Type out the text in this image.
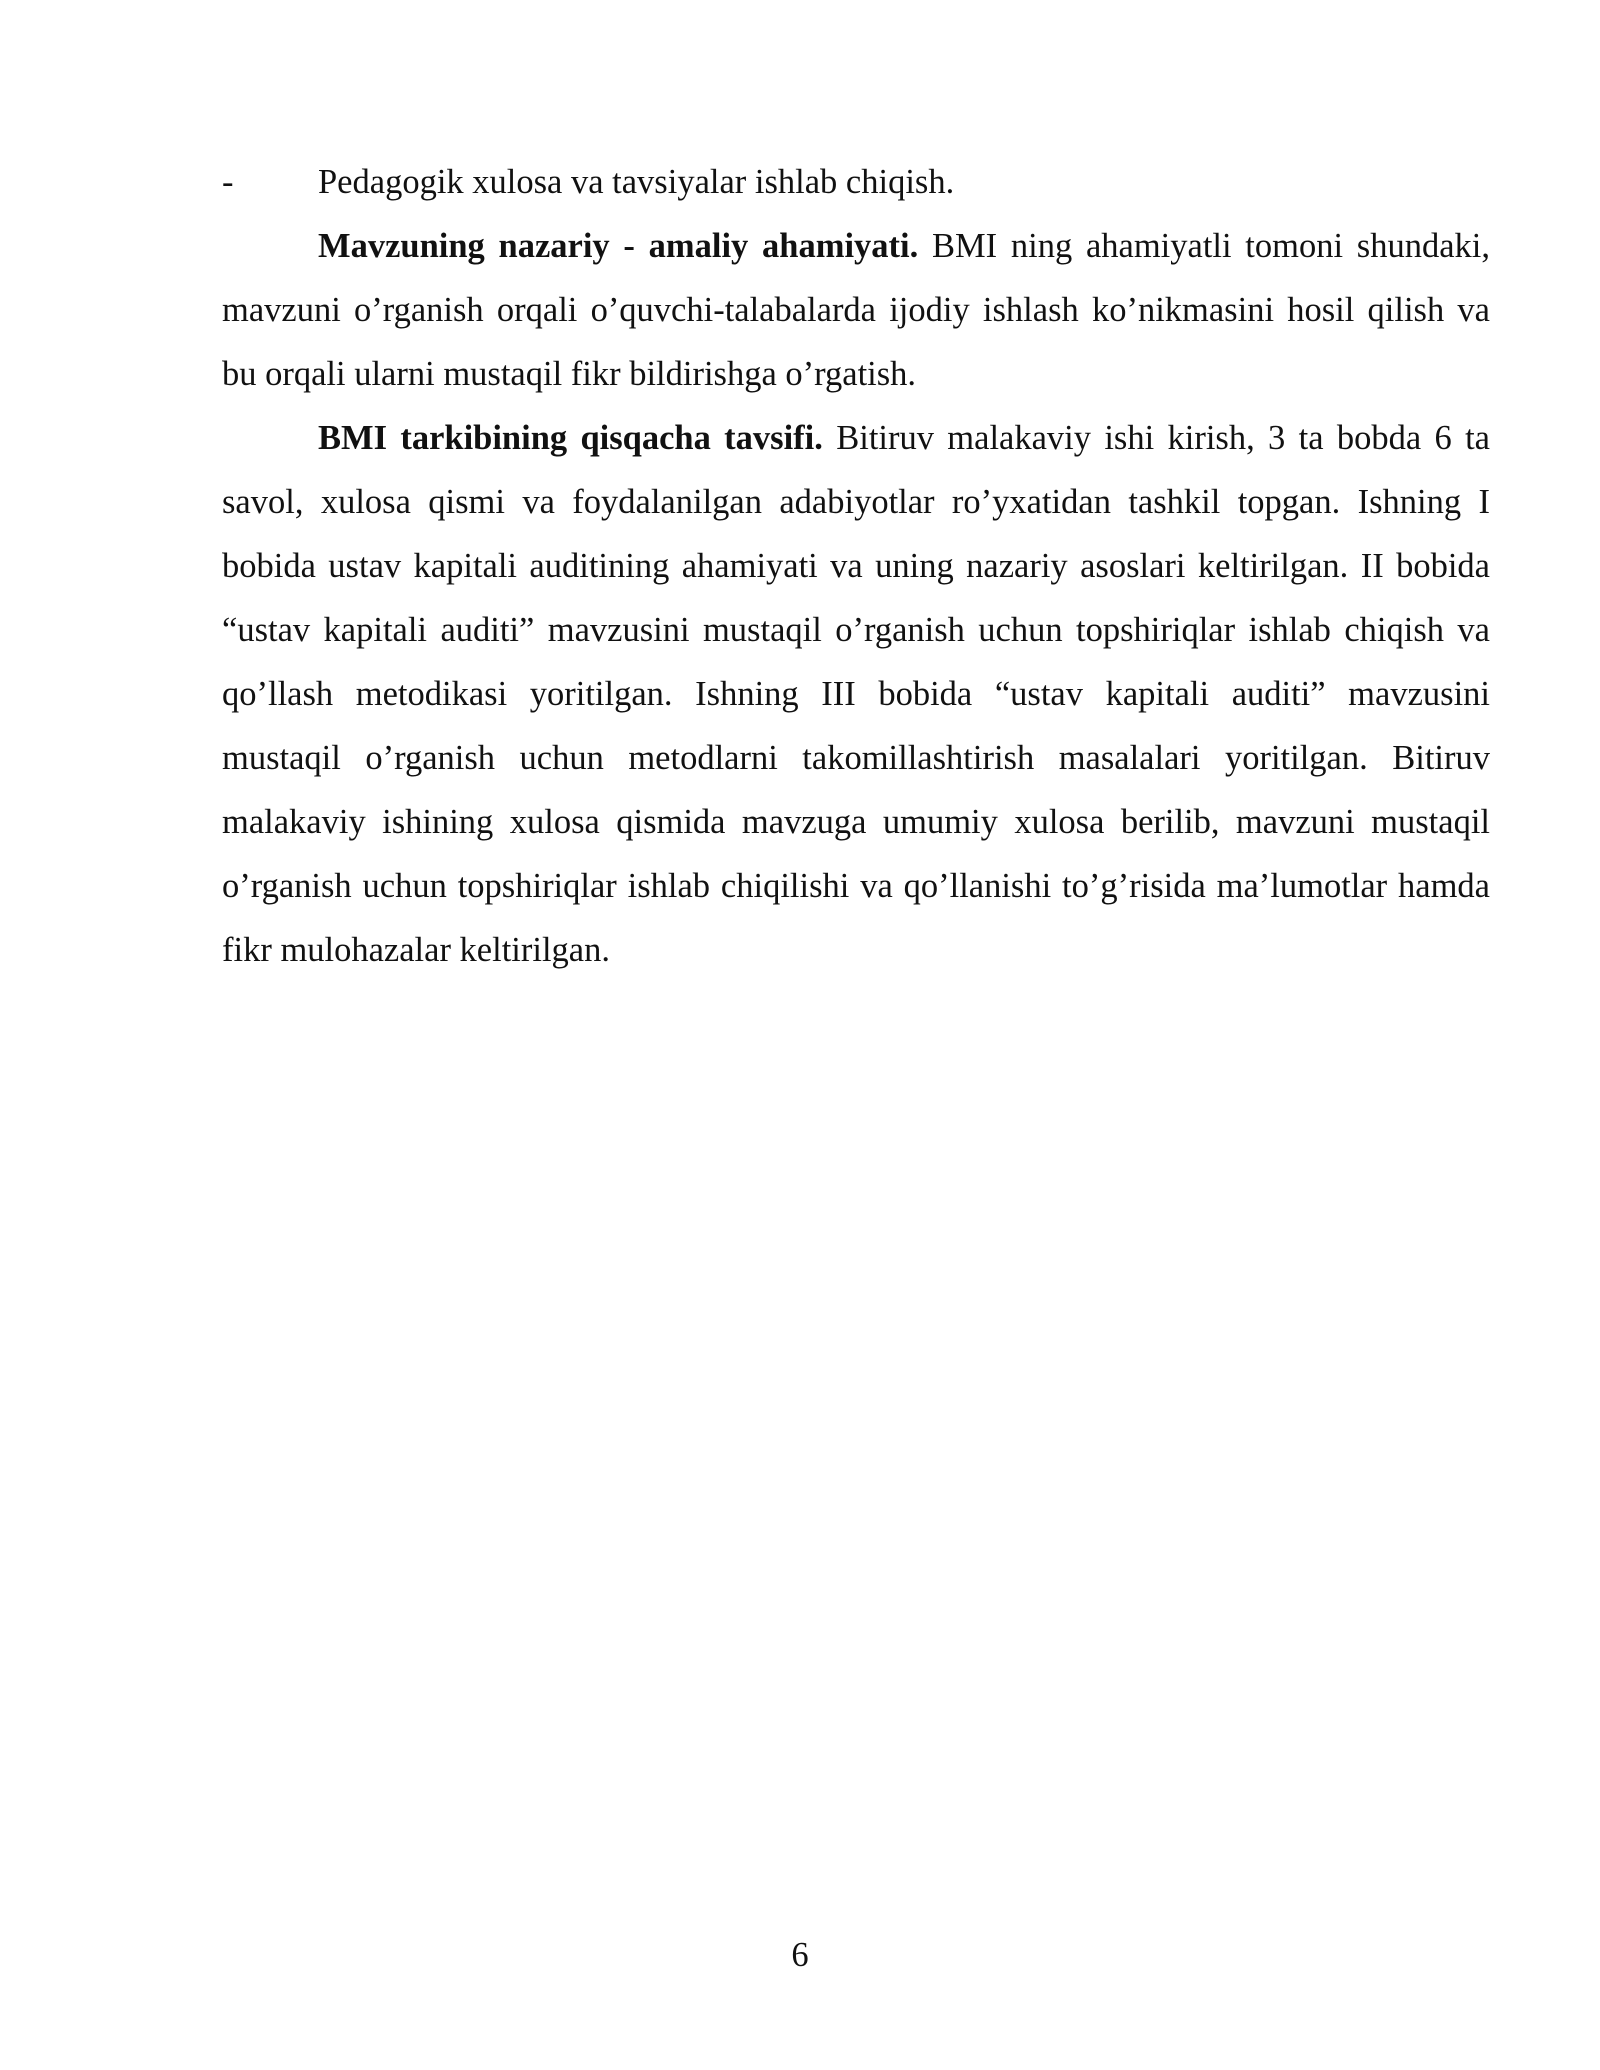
- Pedagogik xulosa va tavsiyalar ishlab chiqish.

Mavzuning nazariy - amaliy ahamiyati. BMI ning ahamiyatli tomoni shundaki, mavzuni o’rganish orqali o’quvchi-talabalarda ijodiy ishlash ko’nikmasini hosil qilish va bu orqali ularni mustaqil fikr bildirishga o’rgatish.

BMI tarkibining qisqacha tavsifi. Bitiruv malakaviy ishi kirish, 3 ta bobda 6 ta savol, xulosa qismi va foydalanilgan adabiyotlar ro’yxatidan tashkil topgan. Ishning I bobida ustav kapitali auditining ahamiyati va uning nazariy asoslari keltirilgan. II bobida “ustav kapitali auditi” mavzusini mustaqil o’rganish uchun topshiriqlar ishlab chiqish va qo’llash metodikasi yoritilgan. Ishning III bobida “ustav kapitali auditi” mavzusini mustaqil o’rganish uchun metodlarni takomillashtirish masalalari yoritilgan. Bitiruv malakaviy ishining xulosa qismida mavzuga umumiy xulosa berilib, mavzuni mustaqil o’rganish uchun topshiriqlar ishlab chiqilishi va qo’llanishi to’g’risida ma’lumotlar hamda fikr mulohazalar keltirilgan.

6
